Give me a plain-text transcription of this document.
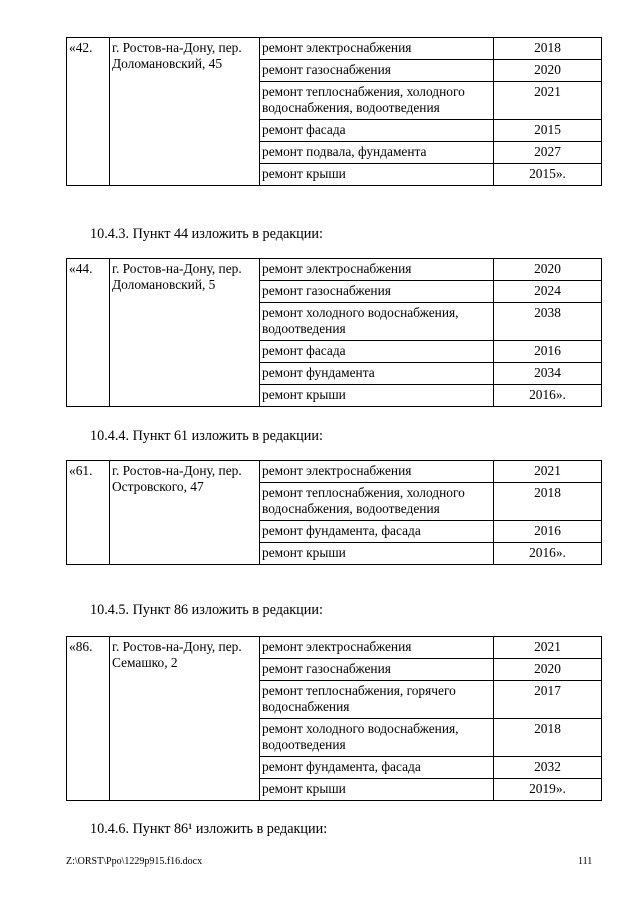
«42.	г. Ростов-на-Дону, пер. Доломановский, 45	ремонт электроснабжения	2018
		ремонт газоснабжения	2020
		ремонт теплоснабжения, холодного водоснабжения, водоотведения	2021
		ремонт фасада	2015
		ремонт подвала, фундамента	2027
		ремонт крыши	2015».
10.4.3. Пункт 44 изложить в редакции:
«44.	г. Ростов-на-Дону, пер. Доломановский, 5	ремонт электроснабжения	2020
		ремонт газоснабжения	2024
		ремонт холодного водоснабжения, водоотведения	2038
		ремонт фасада	2016
		ремонт фундамента	2034
		ремонт крыши	2016».
10.4.4. Пункт 61 изложить в редакции:
«61.	г. Ростов-на-Дону, пер. Островского, 47	ремонт электроснабжения	2021
		ремонт теплоснабжения, холодного водоснабжения, водоотведения	2018
		ремонт фундамента, фасада	2016
		ремонт крыши	2016».
10.4.5. Пункт 86 изложить в редакции:
«86.	г. Ростов-на-Дону, пер. Семашко, 2	ремонт электроснабжения	2021
		ремонт газоснабжения	2020
		ремонт теплоснабжения, горячего водоснабжения	2017
		ремонт холодного водоснабжения, водоотведения	2018
		ремонт фундамента, фасада	2032
		ремонт крыши	2019».
10.4.6. Пункт 86¹ изложить в редакции:
Z:\ORST\Ppo\1229p915.f16.docx	111
